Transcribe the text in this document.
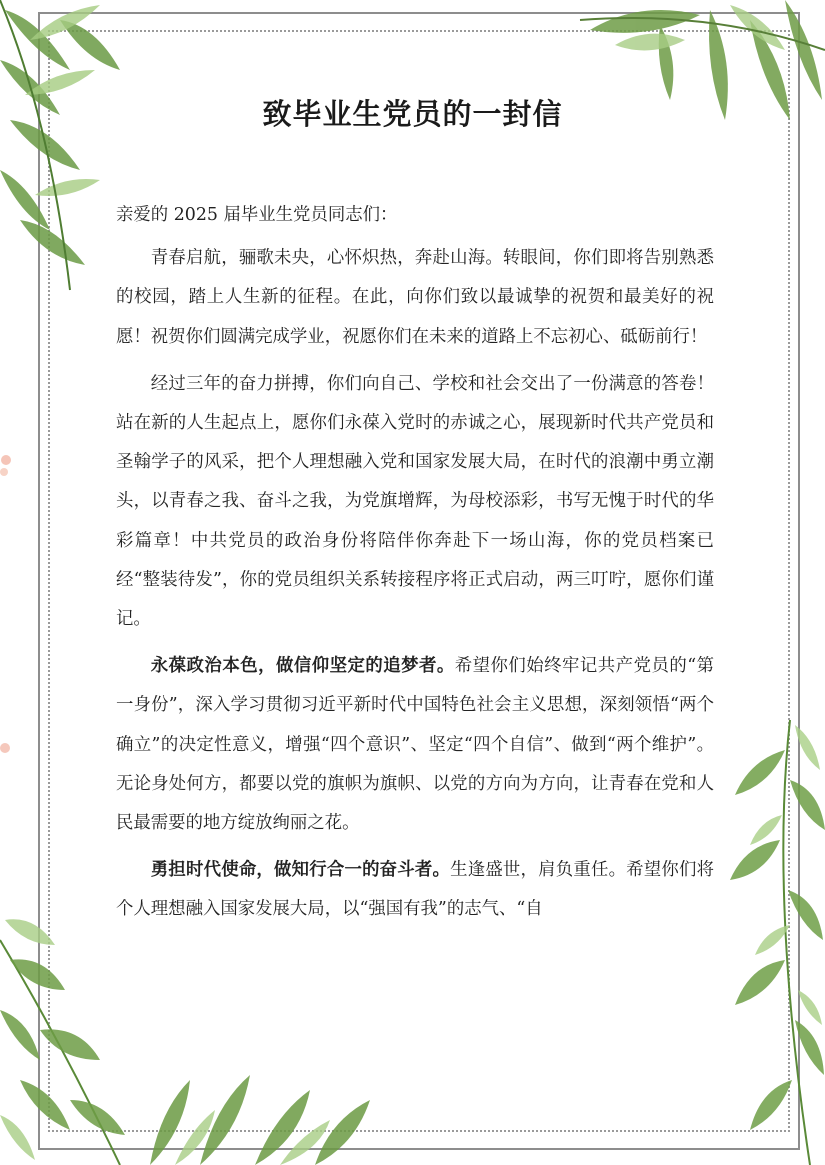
致毕业生党员的一封信

亲爱的 2025 届毕业生党员同志们：

青春启航，骊歌未央，心怀炽热，奔赴山海。转眼间，你们即将告别熟悉的校园，踏上人生新的征程。在此，向你们致以最诚挚的祝贺和最美好的祝愿！祝贺你们圆满完成学业，祝愿你们在未来的道路上不忘初心、砥砺前行！

经过三年的奋力拼搏，你们向自己、学校和社会交出了一份满意的答卷！站在新的人生起点上，愿你们永葆入党时的赤诚之心，展现新时代共产党员和圣翰学子的风采，把个人理想融入党和国家发展大局，在时代的浪潮中勇立潮头，以青春之我、奋斗之我，为党旗增辉，为母校添彩，书写无愧于时代的华彩篇章！中共党员的政治身份将陪伴你奔赴下一场山海，你的党员档案已经“整装待发”，你的党员组织关系转接程序将正式启动，两三叮咛，愿你们谨记。

永葆政治本色，做信仰坚定的追梦者。希望你们始终牢记共产党员的“第一身份”，深入学习贯彻习近平新时代中国特色社会主义思想，深刻领悟“两个确立”的决定性意义，增强“四个意识”、坚定“四个自信”、做到“两个维护”。无论身处何方，都要以党的旗帜为旗帜、以党的方向为方向，让青春在党和人民最需要的地方绽放绚丽之花。

勇担时代使命，做知行合一的奋斗者。生逢盛世，肩负重任。希望你们将个人理想融入国家发展大局，以“强国有我”的志气、“自
